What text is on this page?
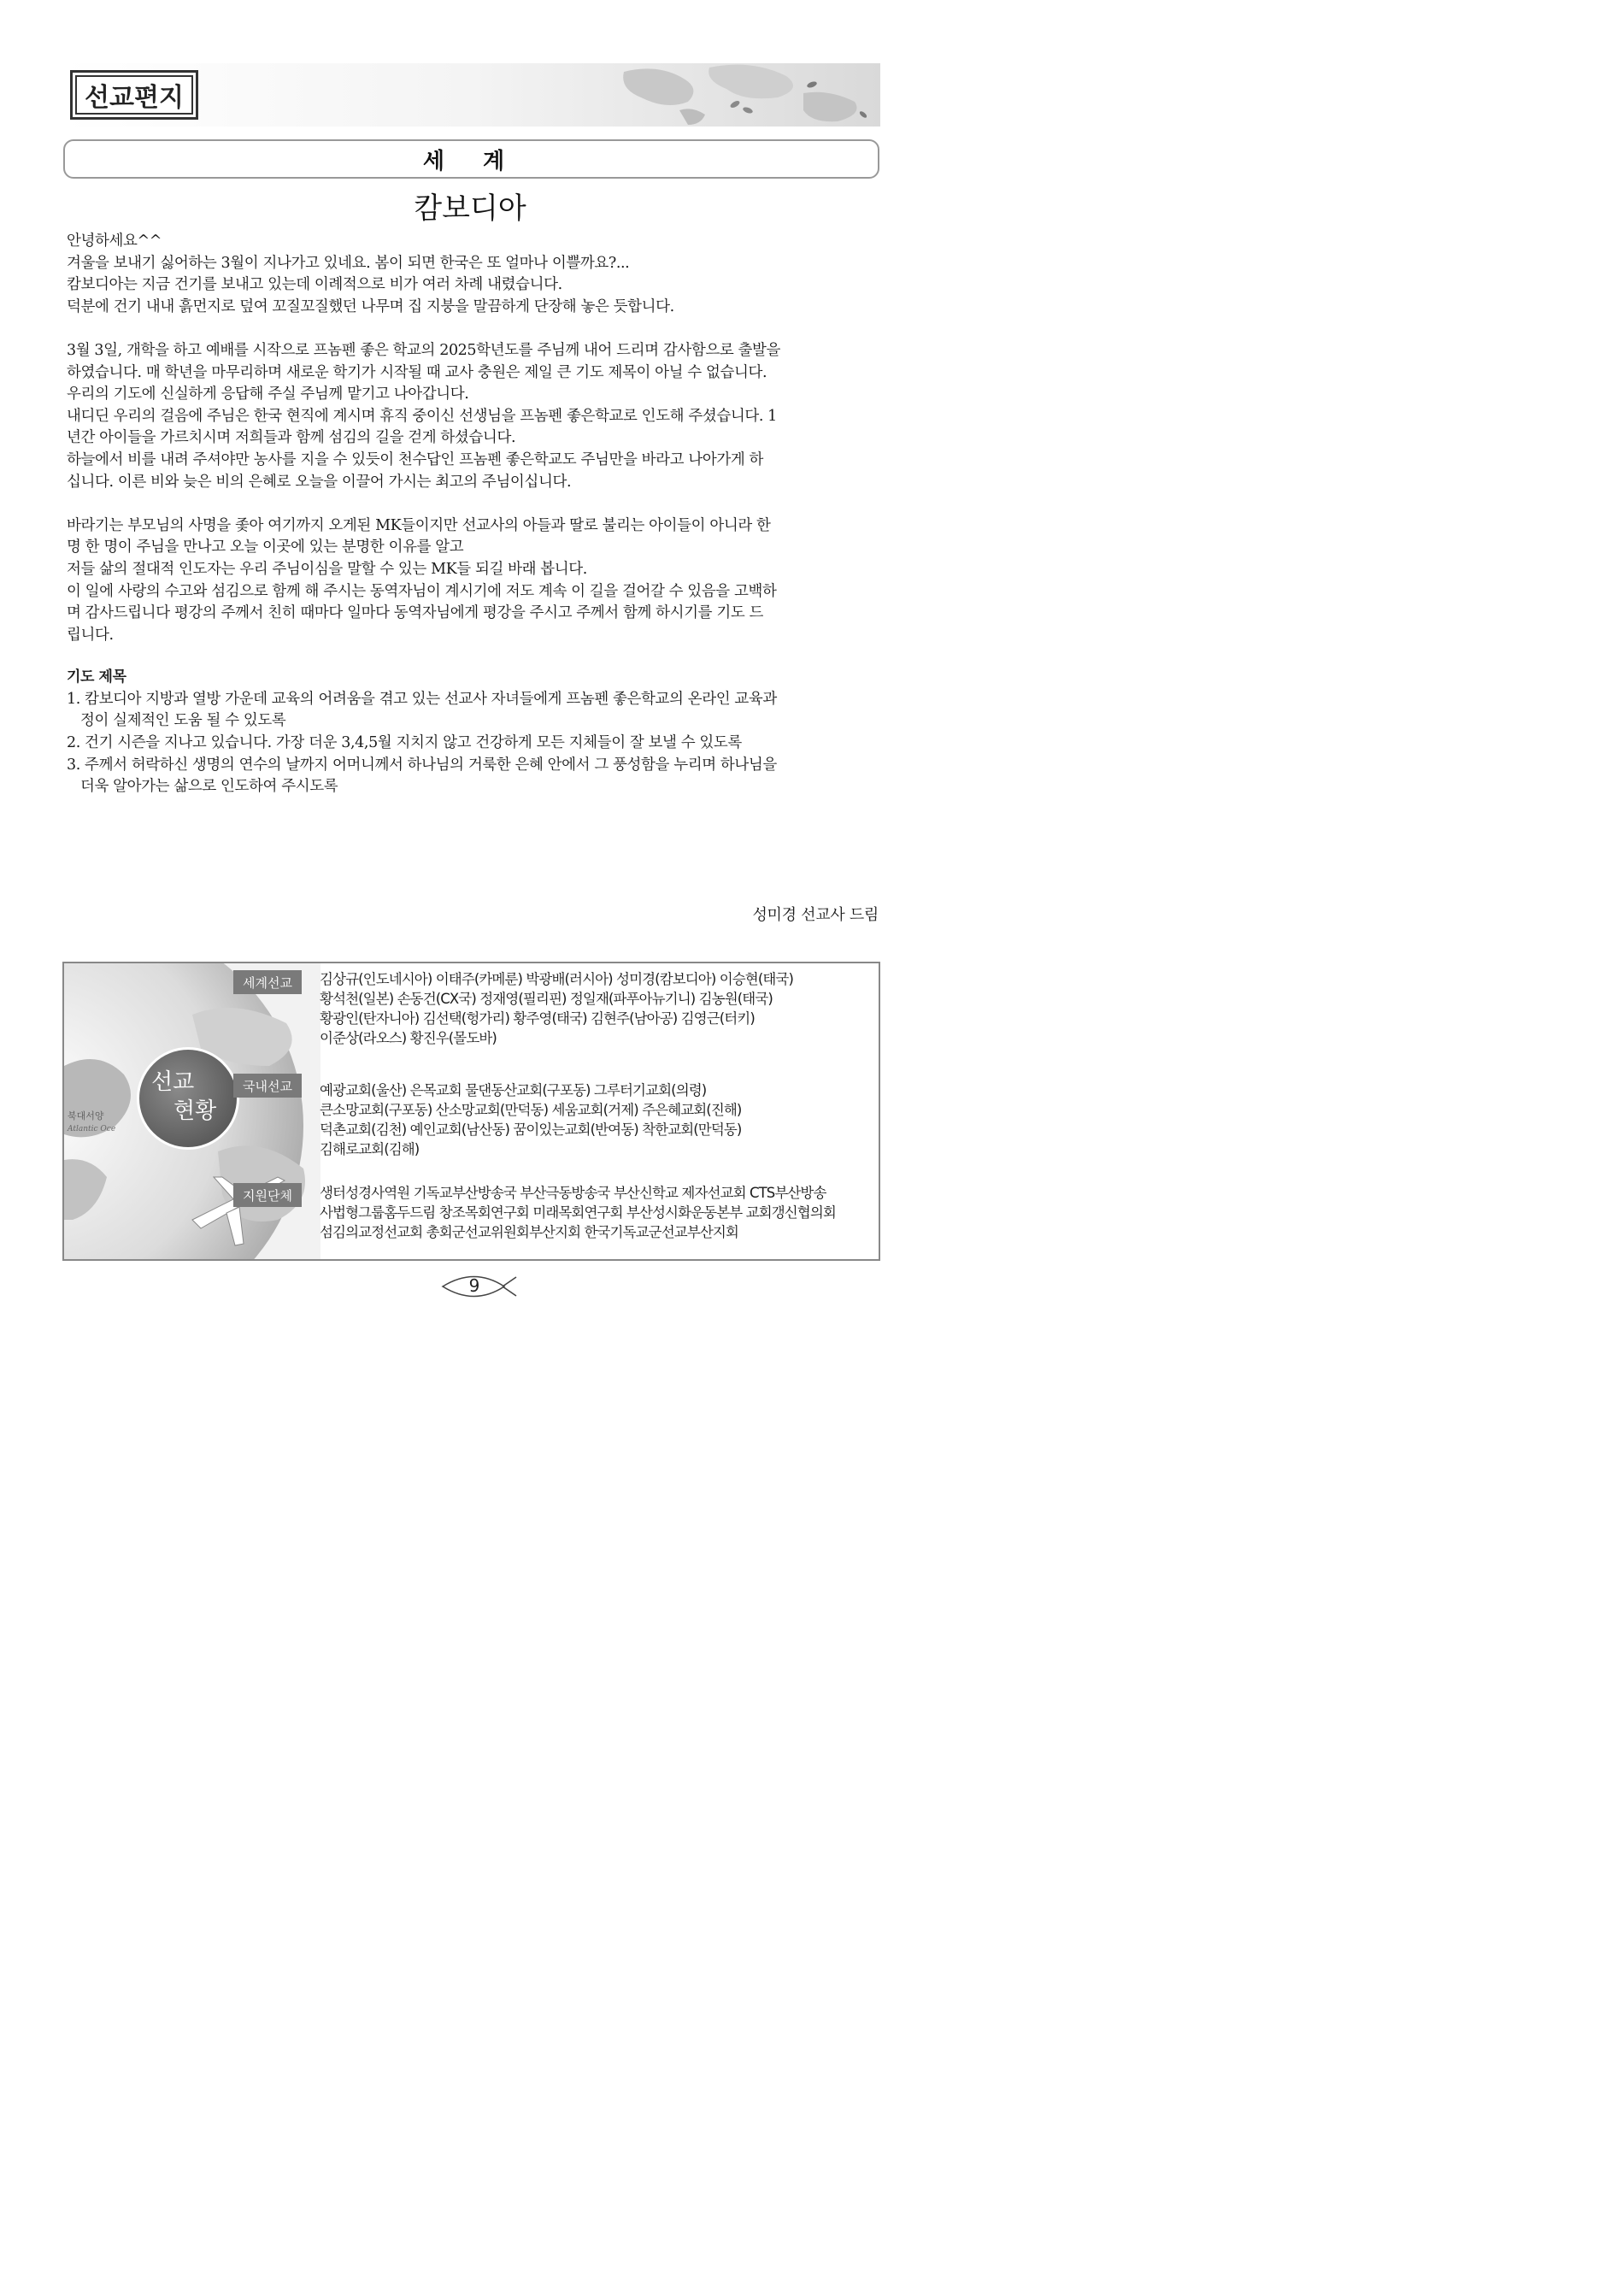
선교편지
세 계
캄보디아

안녕하세요^^

겨울을 보내기 싫어하는 3월이 지나가고 있네요. 봄이 되면 한국은 또 얼마나 이쁠까요?...

캄보디아는 지금 건기를 보내고 있는데 이례적으로 비가 여러 차례 내렸습니다.

덕분에 건기 내내 흙먼지로 덮여 꼬질꼬질했던 나무며 집 지붕을 말끔하게 단장해 놓은 듯합니다.

3월 3일, 개학을 하고 예배를 시작으로 프놈펜 좋은 학교의 2025학년도를 주님께 내어 드리며 감사함으로 출발을

하였습니다. 매 학년을 마무리하며 새로운 학기가 시작될 때 교사 충원은 제일 큰 기도 제목이 아닐 수 없습니다.

우리의 기도에 신실하게 응답해 주실 주님께 맡기고 나아갑니다.

내디딘 우리의 걸음에 주님은 한국 현직에 계시며 휴직 중이신 선생님을 프놈펜 좋은학교로 인도해 주셨습니다. 1

년간 아이들을 가르치시며 저희들과 함께 섬김의 길을 걷게 하셨습니다.

하늘에서 비를 내려 주셔야만 농사를 지을 수 있듯이 천수답인 프놈펜 좋은학교도 주님만을 바라고 나아가게 하

십니다. 이른 비와 늦은 비의 은혜로 오늘을 이끌어 가시는 최고의 주님이십니다.

바라기는 부모님의 사명을 좇아 여기까지 오게된 MK들이지만 선교사의 아들과 딸로 불리는 아이들이 아니라 한

명 한 명이 주님을 만나고 오늘 이곳에 있는 분명한 이유를 알고

저들 삶의 절대적 인도자는 우리 주님이심을 말할 수 있는 MK들 되길 바래 봅니다.

이 일에 사랑의 수고와 섬김으로 함께 해 주시는 동역자님이 계시기에 저도 계속 이 길을 걸어갈 수 있음을 고백하

며 감사드립니다 평강의 주께서 친히 때마다 일마다 동역자님에게 평강을 주시고 주께서 함께 하시기를 기도 드

립니다.

기도 제목

1. 캄보디아 지방과 열방 가운데 교육의 어려움을 겪고 있는 선교사 자녀들에게 프놈펜 좋은학교의 온라인 교육과
정이 실제적인 도움 될 수 있도록
2. 건기 시즌을 지나고 있습니다. 가장 더운 3,4,5월 지치지 않고 건강하게 모든 지체들이 잘 보낼 수 있도록
3. 주께서 허락하신 생명의 연수의 날까지 어머니께서 하나님의 거룩한 은혜 안에서 그 풍성함을 누리며 하나님을
더욱 알아가는 삶으로 인도하여 주시도록
성미경 선교사 드림
북대서양
Atlantic Oce
선교
현황
세계선교	김상규(인도네시아) 이태주(카메룬) 박광배(러시아) 성미경(캄보디아) 이승현(태국)
황석천(일본) 손동건(CX국) 정재영(필리핀) 정일재(파푸아뉴기니) 김농원(태국)
황광인(탄자니아) 김선택(헝가리) 황주영(태국) 김현주(남아공) 김영근(터키)
이준상(라오스) 황진우(몰도바)
국내선교	예광교회(울산) 은목교회 물댄동산교회(구포동) 그루터기교회(의령)
큰소망교회(구포동) 산소망교회(만덕동) 세움교회(거제) 주은혜교회(진해)
덕촌교회(김천) 예인교회(남산동) 꿈이있는교회(반여동) 착한교회(만덕동)
김해로교회(김해)
지원단체	생터성경사역원 기독교부산방송국 부산극동방송국 부산신학교 제자선교회 CTS부산방송
사법형그룹홈두드림 창조목회연구회 미래목회연구회 부산성시화운동본부 교회갱신협의회
섬김의교정선교회 총회군선교위원회부산지회 한국기독교군선교부산지회
9
